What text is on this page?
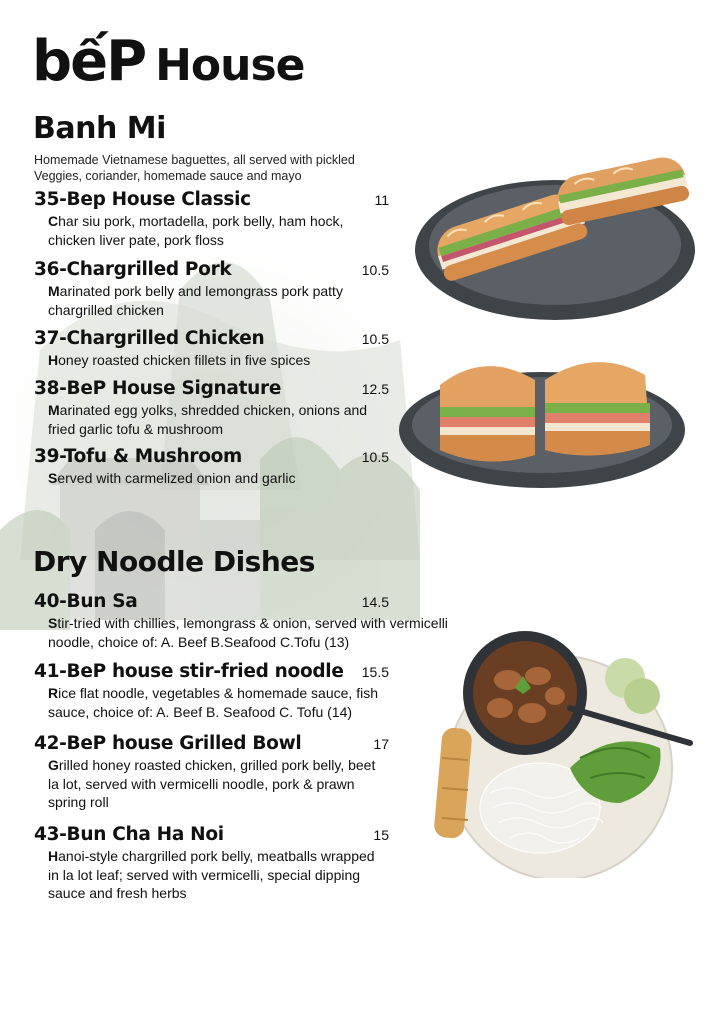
bếP House
Banh Mi
Homemade Vietnamese baguettes, all served with pickled Veggies, coriander, homemade sauce and mayo
35-Bep House Classic	11
Char siu pork, mortadella, pork belly, ham hock, chicken liver pate, pork floss
36-Chargrilled Pork	10.5
Marinated pork belly and lemongrass pork patty chargrilled chicken
37-Chargrilled Chicken	10.5
Honey roasted chicken fillets in five spices
38-BeP House Signature	12.5
Marinated egg yolks, shredded chicken, onions and fried garlic tofu & mushroom
39-Tofu & Mushroom	10.5
Served with carmelized onion and garlic
Dry Noodle Dishes
40-Bun Sa	14.5
Stir-tried with chillies, lemongrass & onion, served with vermicelli noodle, choice of: A. Beef B.Seafood C.Tofu (13)
41-BeP house stir-fried noodle 15.5
Rice flat noodle, vegetables & homemade sauce, fish sauce, choice of: A. Beef B. Seafood C. Tofu (14)
42-BeP house Grilled Bowl	17
Grilled honey roasted chicken, grilled pork belly, beet la lot, served with vermicelli noodle, pork & prawn spring roll
43-Bun Cha Ha Noi	15
Hanoi-style chargrilled pork belly, meatballs wrapped in la lot leaf; served with vermicelli, special dipping sauce and fresh herbs
